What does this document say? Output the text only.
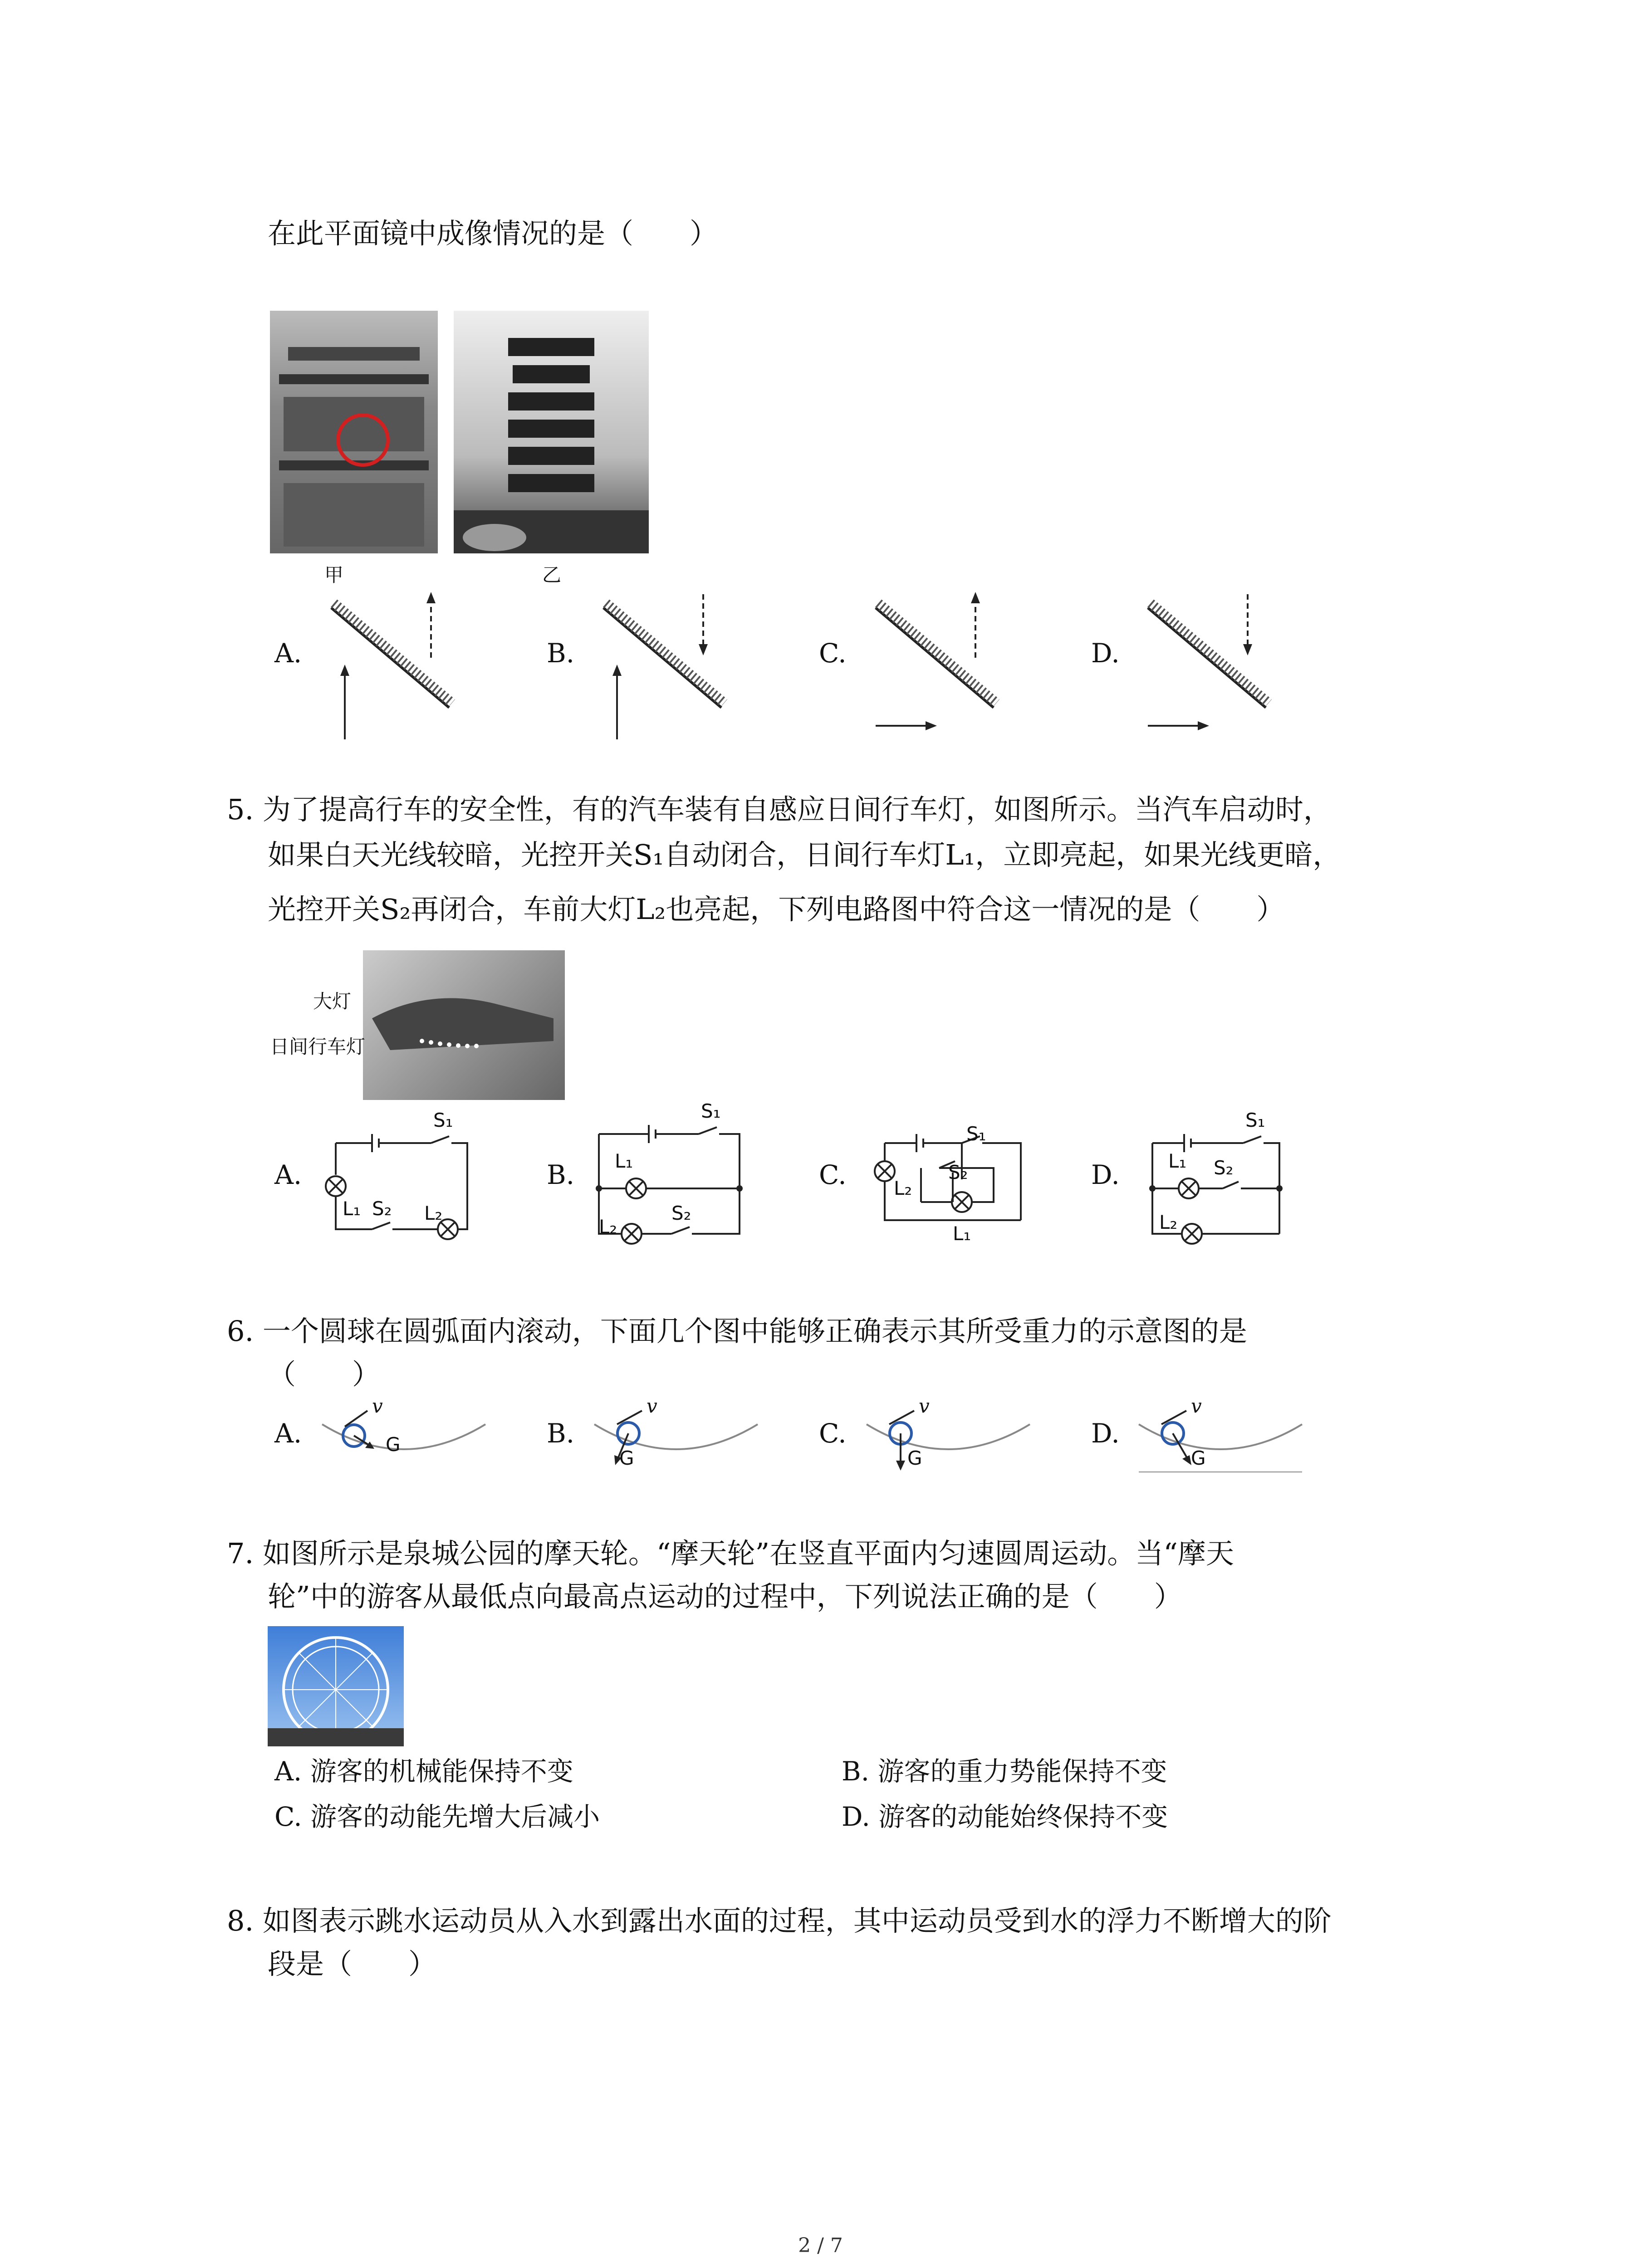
在此平面镜中成像情况的是（　　）
甲	乙
A.	B.	C.	D.
5. 为了提高行车的安全性，有的汽车装有自感应日间行车灯，如图所示。当汽车启动时，
如果白天光线较暗，光控开关S₁自动闭合，日间行车灯L₁，立即亮起，如果光线更暗，
光控开关S₂再闭合，车前大灯L₂也亮起，下列电路图中符合这一情况的是（　　）
大灯
日间行车灯
A.	B.	C.	D.
S₁
L₁ S₂ L₂
S₁
L₁
L₂
S₂
S₁
L₂
S₂
L₁
S₁
L₁ S₂
L₂
6. 一个圆球在圆弧面内滚动，下面几个图中能够正确表示其所受重力的示意图的是
（　　）
A.	B.	C.	D.
v
G
v
G
v
G
v
G
7. 如图所示是泉城公园的摩天轮。“摩天轮”在竖直平面内匀速圆周运动。当“摩天
轮”中的游客从最低点向最高点运动的过程中，下列说法正确的是（　　）
A. 游客的机械能保持不变	B. 游客的重力势能保持不变
C. 游客的动能先增大后减小	D. 游客的动能始终保持不变
8. 如图表示跳水运动员从入水到露出水面的过程，其中运动员受到水的浮力不断增大的阶
段是（　　）
2 / 7
